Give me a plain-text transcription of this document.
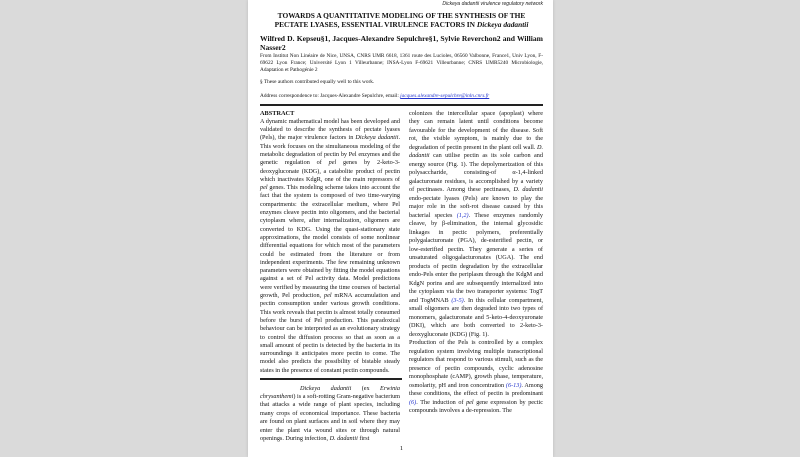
Dickeya dadantii virulence regulatory network
TOWARDS A QUANTITATIVE MODELING OF THE SYNTHESIS OF THE PECTATE LYASES, ESSENTIAL VIRULENCE FACTORS IN Dickeya dadantii
Wilfred D. Kepseu§1, Jacques-Alexandre Sepulchre§1, Sylvie Reverchon2 and William Nasser2
From Institut Non Linéaire de Nice, UNSA, CNRS UMR 6618, 1361 route des Lucioles, 06560 Valbonne, France1, Univ Lyon, F-69622 Lyon France; Université Lyon 1 Villeurbanne; INSA-Lyon F-69621 Villeurbanne; CNRS UMR5240 Microbiologie, Adaptation et Pathogénie 2
§ These authors contributed equally well to this work.
Address correspondence to: Jacques-Alexandre Sepulchre, email: jacques.alexandre-sepulchre@inln.cnrs.fr
ABSTRACT
A dynamic mathematical model has been developed and validated to describe the synthesis of pectate lyases (Pels), the major virulence factors in Dickeya dadantii. This work focuses on the simultaneous modeling of the metabolic degradation of pectin by Pel enzymes and the genetic regulation of pel genes by 2-keto-3-deoxygluconate (KDG), a catabolite product of pectin which inactivates KdgR, one of the main repressors of pel genes. This modeling scheme takes into account the fact that the system is composed of two time-varying compartments: the extracellular medium, where Pel enzymes cleave pectin into oligomers, and the bacterial cytoplasm where, after internalization, oligomers are converted to KDG. Using the quasi-stationary state approximations, the model consists of some nonlinear differential equations for which most of the parameters could be estimated from the literature or from independent experiments. The few remaining unknown parameters were obtained by fitting the model equations against a set of Pel activity data. Model predictions were verified by measuring the time courses of bacterial growth, Pel production, pel mRNA accumulation and pectin consumption under various growth conditions. This work reveals that pectin is almost totally consumed before the burst of Pel production. This paradoxical behaviour can be interpreted as an evolutionary strategy to control the diffusion process so that as soon as a small amount of pectin is detected by the bacteria in its surroundings it anticipates more pectin to come. The model also predicts the possibility of bistable steady states in the presence of constant pectin compounds.
Dickeya dadantii (ex Erwinia chrysanthemi) is a soft-rotting Gram-negative bacterium that attacks a wide range of plant species, including many crops of economical importance. These bacteria are found on plant surfaces and in soil where they may enter the plant via wound sites or through natural openings. During infection, D. dadantii first

colonizes the intercellular space (apoplast) where they can remain latent until conditions become favourable for the development of the disease. Soft rot, the visible symptom, is mainly due to the degradation of pectin present in the plant cell wall. D. dadantii can utilise pectin as its sole carbon and energy source (Fig. 1). The depolymerization of this polysaccharide, consisting-of α-1,4-linked galacturonate residues, is accomplished by a variety of pectinases. Among these pectinases, D. dadantii endo-pectate lyases (Pels) are known to play the major role in the soft-rot disease caused by this bacterial species (1,2). These enzymes randomly cleave, by β-elimination, the internal glycosidic linkages in pectic polymers, preferentially polygalacturonate (PGA), de-esterified pectin, or low-esterified pectin. They generate a series of unsaturated oligogalacturonates (UGA). The end products of pectin degradation by the extracellular endo-Pels enter the periplasm through the KdgM and KdgN porins and are subsequently internalized into the cytoplasm via the two transporter systems: TogT and TogMNAB (3-5). In this cellular compartment, small oligomers are then degraded into two types of monomers, galacturonate and 5-keto-4-deoxyuronate (DKI), which are both converted to 2-keto-3-deoxygluconate (KDG) (Fig. 1).

Production of the Pels is controlled by a complex regulation system involving multiple transcriptional regulators that respond to various stimuli, such as the presence of pectin compounds, cyclic adenosine monophosphate (cAMP), growth phase, temperature, osmolarity, pH and iron concentration (6-13). Among these conditions, the effect of pectin is predominant (6). The induction of pel gene expression by pectic compounds involves a de-repression. The

1
